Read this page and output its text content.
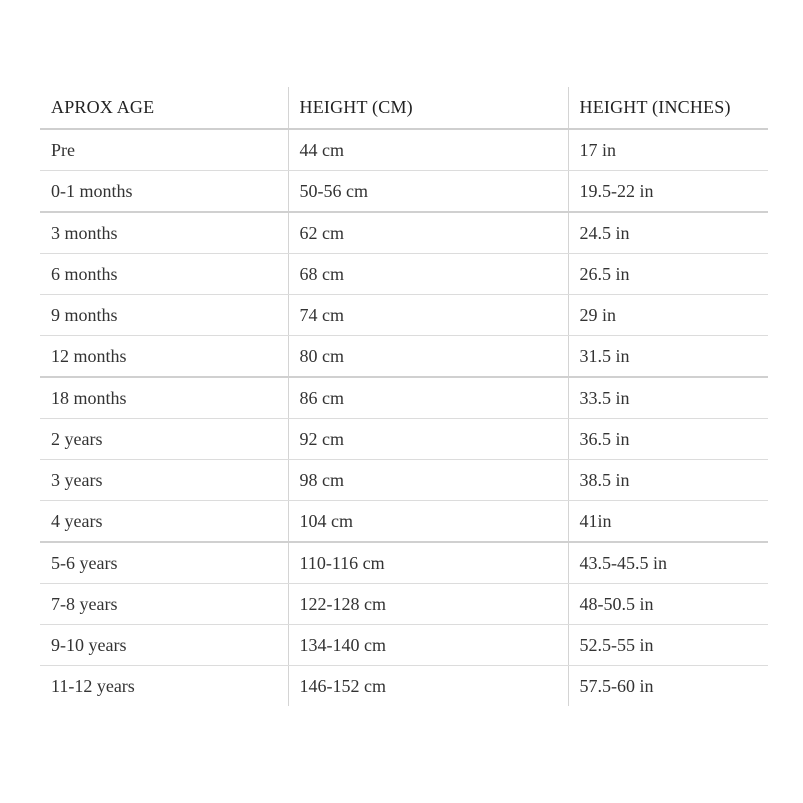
APROX AGE	HEIGHT (CM)	HEIGHT (INCHES)
Pre	44 cm	17 in
0-1 months	50-56 cm	19.5-22 in
3 months	62 cm	24.5 in
6 months	68 cm	26.5 in
9 months	74 cm	29 in
12 months	80 cm	31.5 in
18 months	86 cm	33.5 in
2 years	92 cm	36.5 in
3 years	98 cm	38.5 in
4 years	104 cm	41in
5-6 years	110-116 cm	43.5-45.5 in
7-8 years	122-128 cm	48-50.5 in
9-10 years	134-140 cm	52.5-55 in
11-12 years	146-152 cm	57.5-60 in
